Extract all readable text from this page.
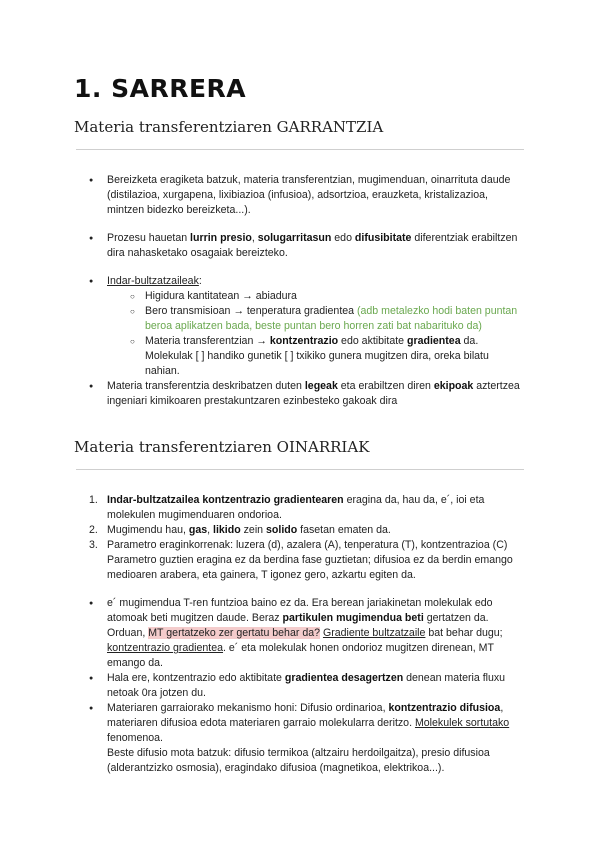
1. SARRERA
Materia transferentziaren GARRANTZIA
● Bereizketa eragiketa batzuk, materia transferentzian, mugimenduan, oinarrituta daude (distilazioa, xurgapena, lixibiazioa (infusioa), adsortzioa, erauzketa, kristalizazioa, mintzen bidezko bereizketa...).
● Prozesu hauetan lurrin presio, solugarritasun edo difusibitate diferentziak erabiltzen dira nahasketako osagaiak bereizteko.
● Indar-bultzatzaileak:
○ Higidura kantitatean → abiadura
○ Bero transmisioan → tenperatura gradientea (adb metalezko hodi baten puntan beroa aplikatzen bada, beste puntan bero horren zati bat nabarituko da)
○ Materia transferentzian → kontzentrazio edo aktibitate gradientea da. Molekulak [ ] handiko gunetik [ ] txikiko gunera mugitzen dira, oreka bilatu nahian.
● Materia transferentzia deskribatzen duten legeak eta erabiltzen diren ekipoak aztertzea ingeniari kimikoaren prestakuntzaren ezinbesteko gakoak dira
Materia transferentziaren OINARRIAK
1. Indar-bultzatzailea kontzentrazio gradientearen eragina da, hau da, e´, ioi eta molekulen mugimenduaren ondorioa.
2. Mugimendu hau, gas, likido zein solido fasetan ematen da.
3. Parametro eraginkorrenak: luzera (d), azalera (A), tenperatura (T), kontzentrazioa (C) Parametro guztien eragina ez da berdina fase guztietan; difusioa ez da berdin emango medioaren arabera, eta gainera, T igonez gero, azkartu egiten da.
● e´ mugimendua T-ren funtzioa baino ez da. Era berean jariakinetan molekulak edo atomoak beti mugitzen daude. Beraz partikulen mugimendua beti gertatzen da. Orduan, MT gertatzeko zer gertatu behar da? Gradiente bultzatzaile bat behar dugu; kontzentrazio gradientea. e´ eta molekulak honen ondorioz mugitzen direnean, MT emango da.
● Hala ere, kontzentrazio edo aktibitate gradientea desagertzen denean materia fluxu netoak 0ra jotzen du.
● Materiaren garraiorako mekanismo honi: Difusio ordinarioa, kontzentrazio difusioa, materiaren difusioa edota materiaren garraio molekularra deritzo. Molekulek sortutako fenomenoa.
Beste difusio mota batzuk: difusio termikoa (altzairu herdoilgaitza), presio difusioa (alderantzizko osmosia), eragindako difusioa (magnetikoa, elektrikoa...).
